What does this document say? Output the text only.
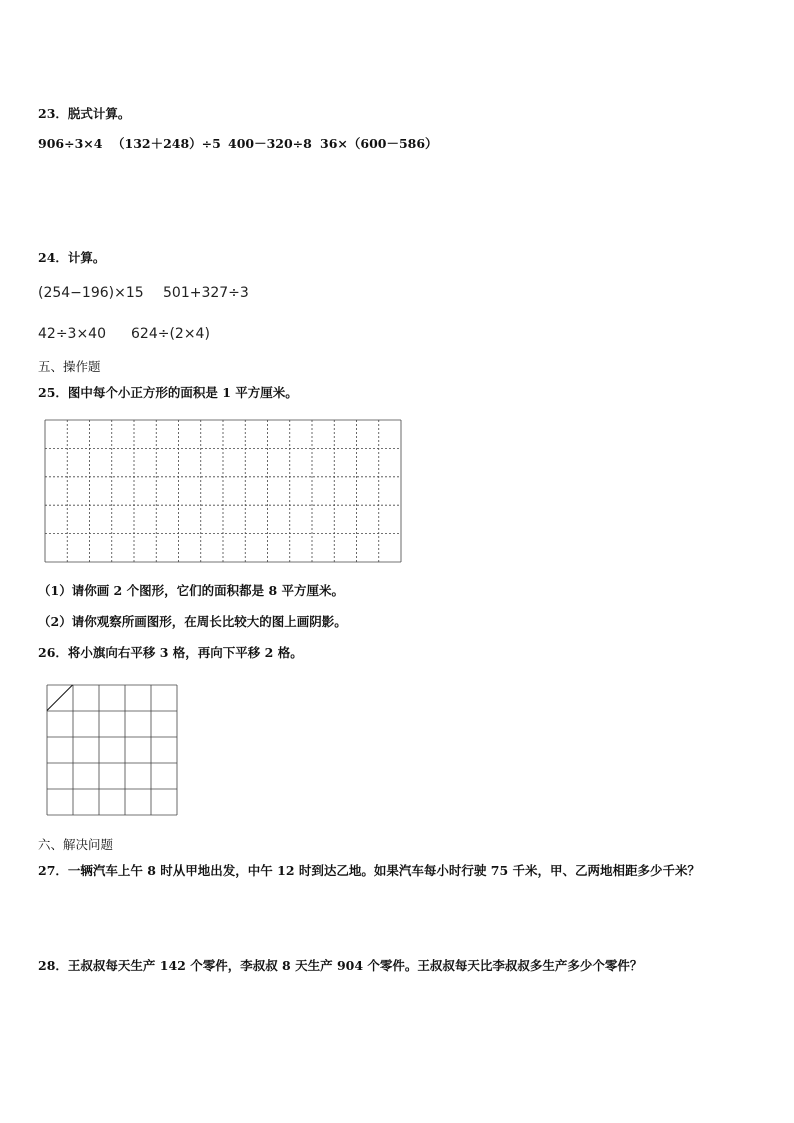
23．脱式计算。
906÷3×4 （132＋248）÷5 400－320÷8 36×（600－586）
24．计算。
(254−196)×15 501+327÷3
42÷3×40 624÷(2×4)
五、操作题
25．图中每个小正方形的面积是 1 平方厘米。
（1）请你画 2 个图形，它们的面积都是 8 平方厘米。
（2）请你观察所画图形，在周长比较大的图上画阴影。
26．将小旗向右平移 3 格，再向下平移 2 格。
六、解决问题
27．一辆汽车上午 8 时从甲地出发，中午 12 时到达乙地。如果汽车每小时行驶 75 千米，甲、乙两地相距多少千米？
28．王叔叔每天生产 142 个零件，李叔叔 8 天生产 904 个零件。王叔叔每天比李叔叔多生产多少个零件？
